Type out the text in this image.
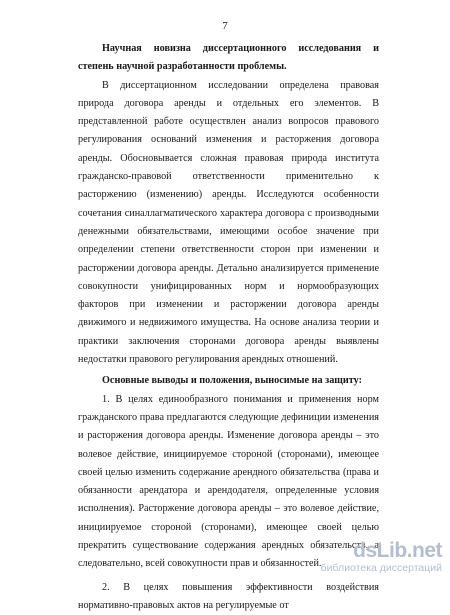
7

Научная новизна диссертационного исследования и степень научной разработанности проблемы.

В диссертационном исследовании определена правовая природа договора аренды и отдельных его элементов. В представленной работе осуществлен анализ вопросов правового регулирования оснований изменения и расторжения договора аренды. Обосновывается сложная правовая природа института гражданско-правовой ответственности применительно к расторжению (изменению) аренды. Исследуются особенности сочетания синаллагматического характера договора с производными денежными обязательствами, имеющими особое значение при определении степени ответственности сторон при изменении и расторжении договора аренды. Детально анализируется применение совокупности унифицированных норм и нормообразующих факторов при изменении и расторжении договора аренды движимого и недвижимого имущества. На основе анализа теории и практики заключения сторонами договора аренды выявлены недостатки правового регулирования арендных отношений.

Основные выводы и положения, выносимые на защиту:

1. В целях единообразного понимания и применения норм гражданского права предлагаются следующие дефиниции изменения и расторжения договора аренды. Изменение договора аренды – это волевое действие, инициируемое стороной (сторонами), имеющее своей целью изменить содержание арендного обязательства (права и обязанности арендатора и арендодателя, определенные условия исполнения). Расторжение договора аренды – это волевое действие, инициируемое стороной (сторонами), имеющее своей целью прекратить существование содержания арендных обязательств, а следовательно, всей совокупности прав и обязанностей.

2. В целях повышения эффективности воздействия нормативно-правовых актов на регулируемые от

dsLib.net
библиотека диссертаций
